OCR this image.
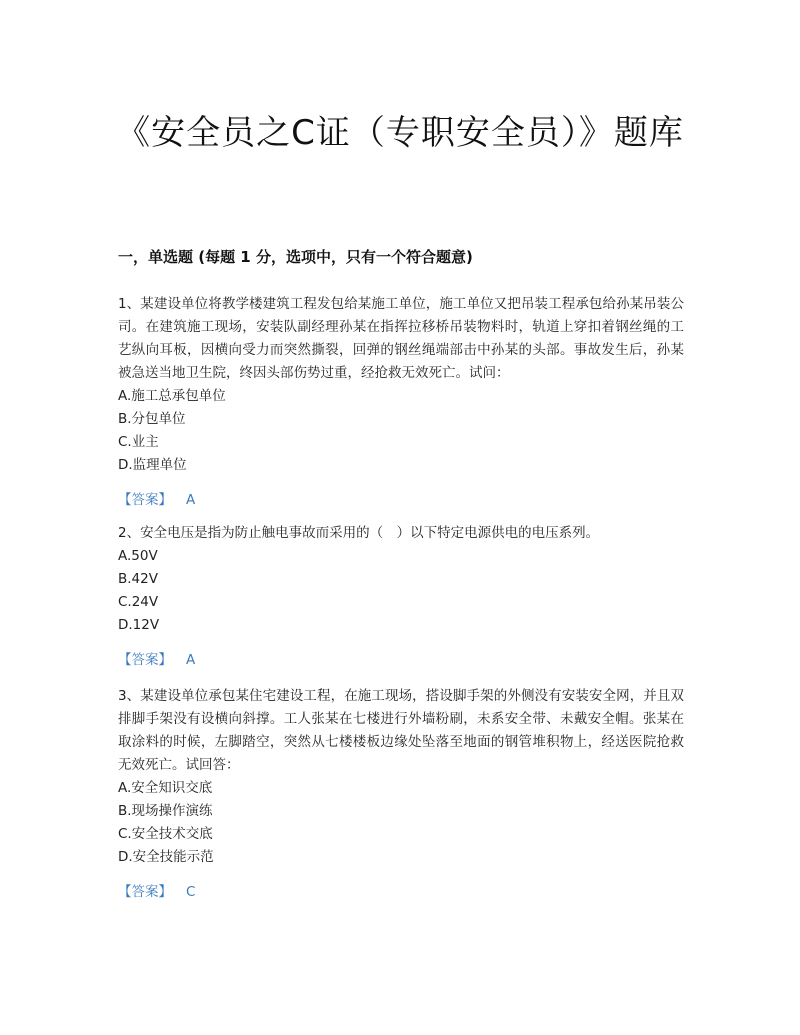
《安全员之C证（专职安全员）》题库
一，单选题 (每题 1 分，选项中，只有一个符合题意)

1、某建设单位将教学楼建筑工程发包给某施工单位，施工单位又把吊装工程承包给孙某吊装公司。在建筑施工现场，安装队副经理孙某在指挥拉移桥吊装物料时，轨道上穿扣着钢丝绳的工艺纵向耳板，因横向受力而突然撕裂，回弹的钢丝绳端部击中孙某的头部。事故发生后，孙某被急送当地卫生院，终因头部伤势过重，经抢救无效死亡。试问：

A.施工总承包单位

B.分包单位

C.业主

D.监理单位

【答案】 A

2、安全电压是指为防止触电事故而采用的（　）以下特定电源供电的电压系列。

A.50V

B.42V

C.24V

D.12V

【答案】 A

3、某建设单位承包某住宅建设工程，在施工现场，搭设脚手架的外侧没有安装安全网，并且双排脚手架没有设横向斜撑。工人张某在七楼进行外墙粉刷，未系安全带、未戴安全帽。张某在取涂料的时候，左脚踏空，突然从七楼楼板边缘处坠落至地面的钢管堆积物上，经送医院抢救无效死亡。试回答：

A.安全知识交底

B.现场操作演练

C.安全技术交底

D.安全技能示范

【答案】 C
